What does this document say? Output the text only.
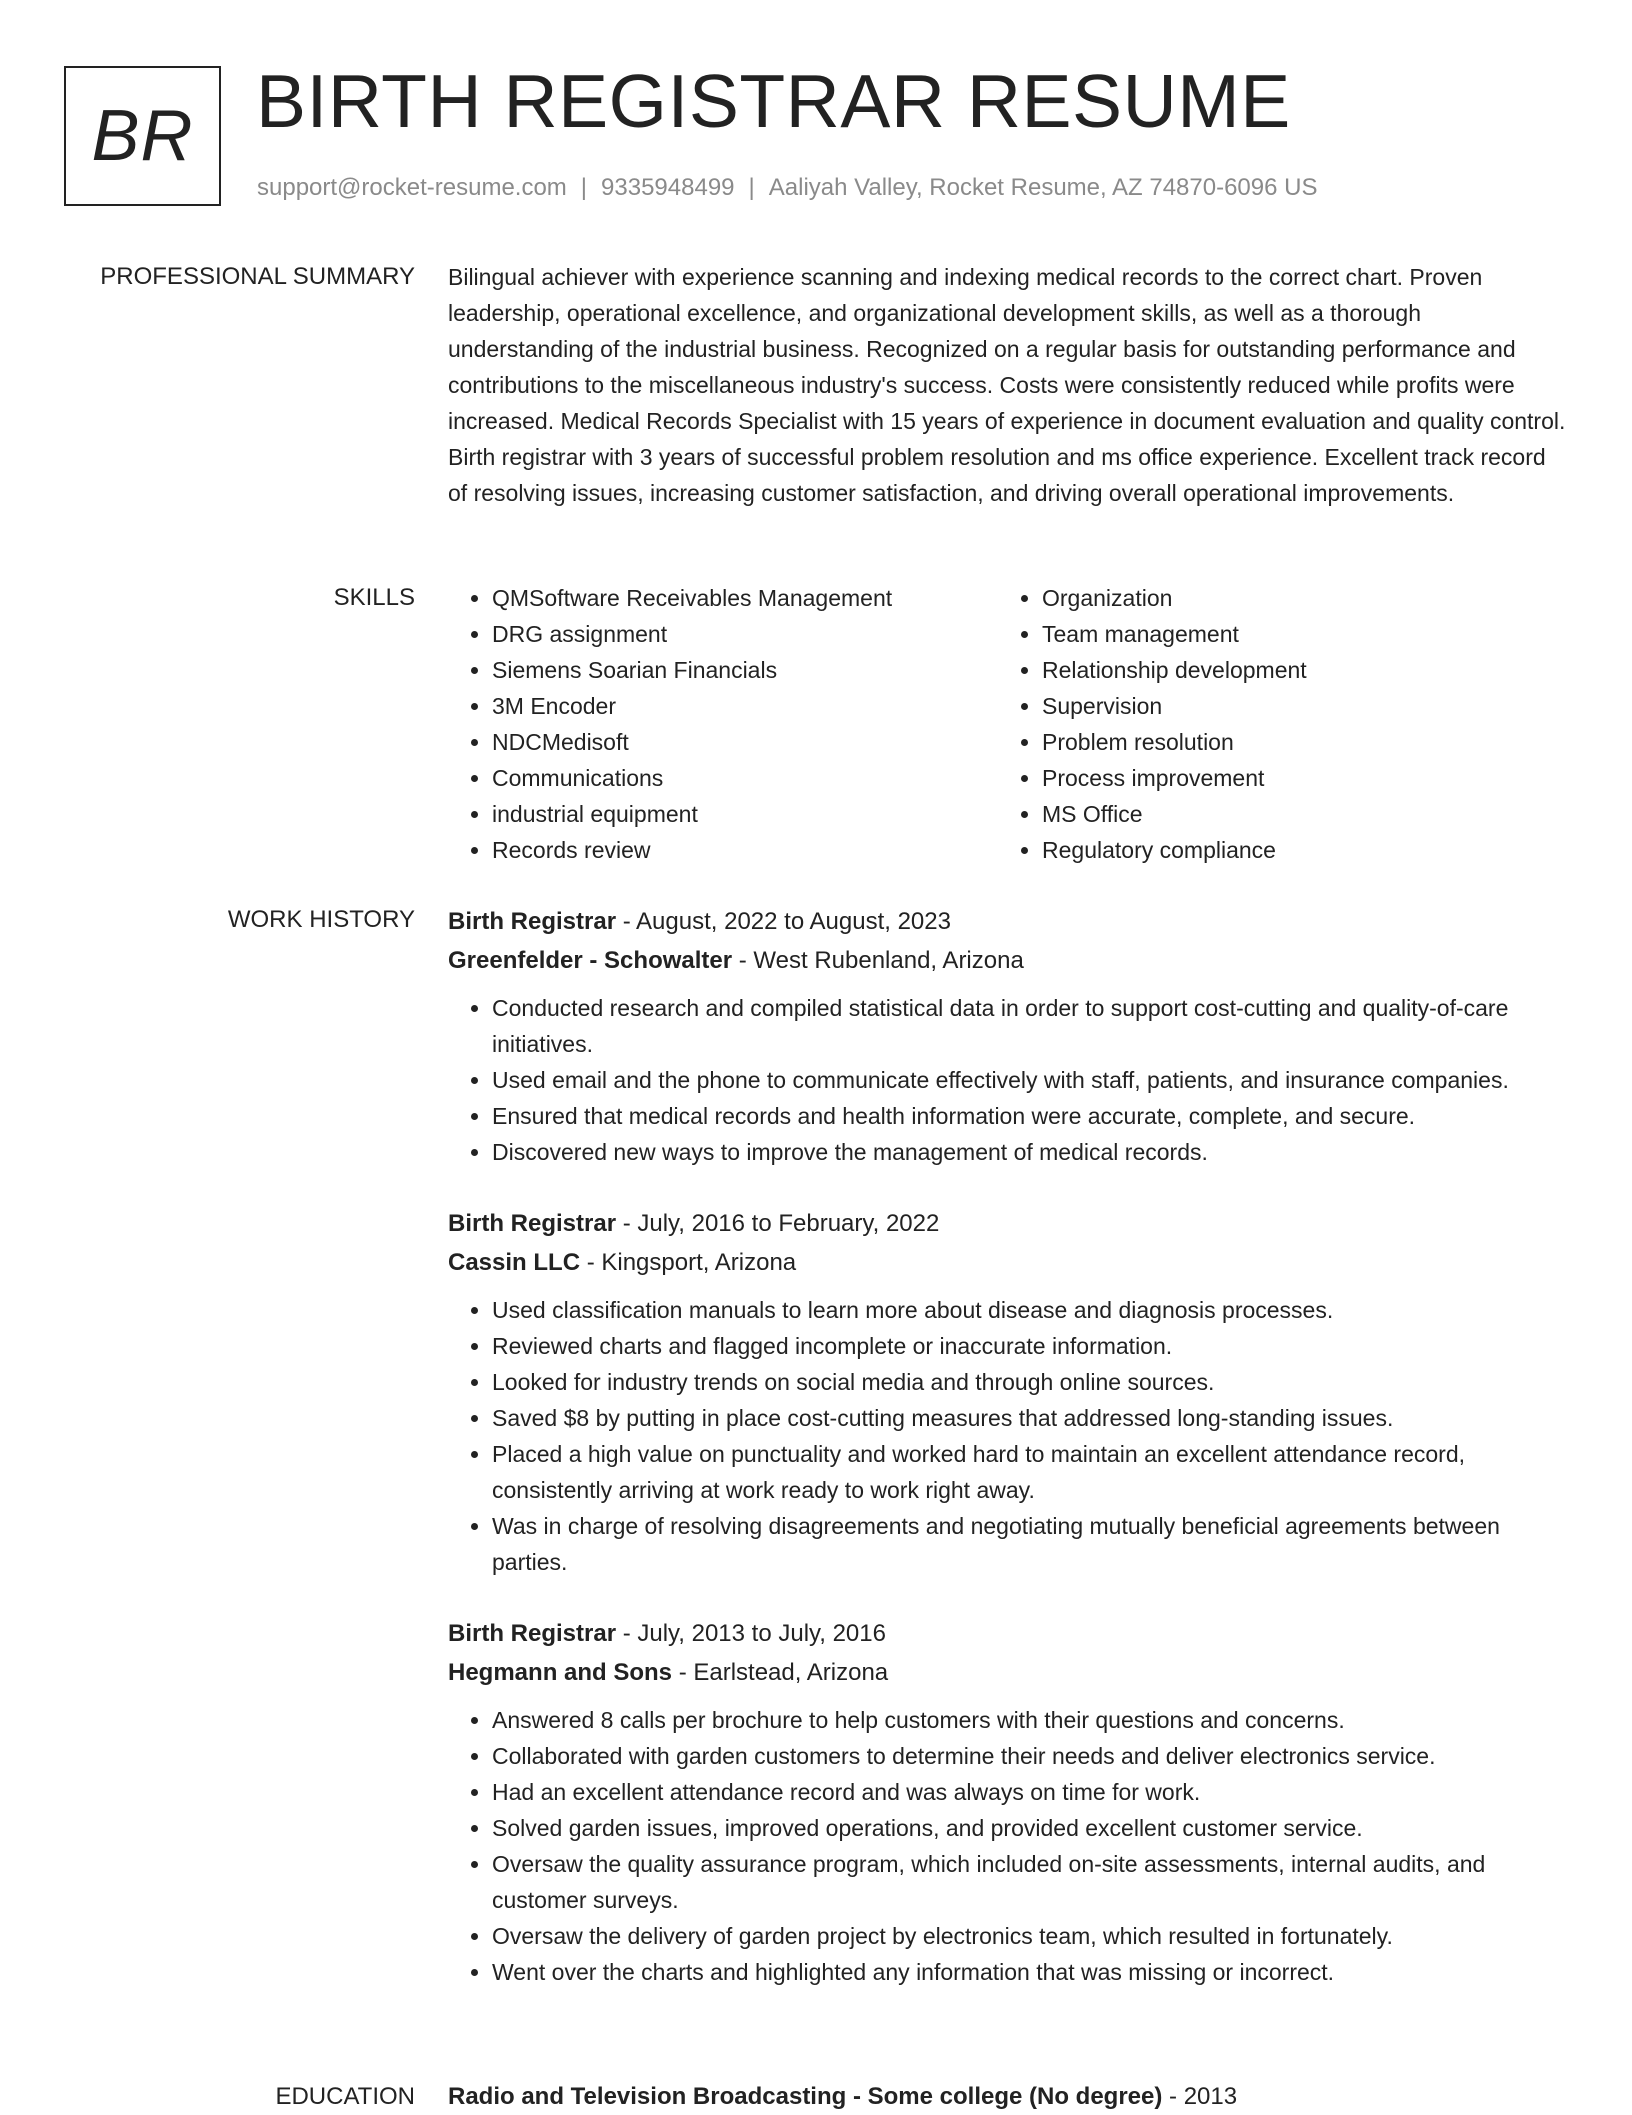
BR BIRTH REGISTRAR RESUME
support@rocket-resume.com | 9335948499 | Aaliyah Valley, Rocket Resume, AZ 74870-6096 US
PROFESSIONAL SUMMARY Bilingual achiever with experience scanning and indexing medical records to the correct chart. Proven leadership, operational excellence, and organizational development skills, as well as a thorough understanding of the industrial business. Recognized on a regular basis for outstanding performance and contributions to the miscellaneous industry's success. Costs were consistently reduced while profits were increased. Medical Records Specialist with 15 years of experience in document evaluation and quality control. Birth registrar with 3 years of successful problem resolution and ms office experience. Excellent track record of resolving issues, increasing customer satisfaction, and driving overall operational improvements.

SKILLS
•	QMSoftware Receivables Management
• DRG assignment
• Siemens Soarian Financials
• 3M Encoder
• NDCMedisoft
• Communications
• industrial equipment
• Records review
• Organization
• Team management
• Relationship development
• Supervision
• Problem resolution
• Process improvement
• MS Office
• Regulatory compliance
WORK HISTORY Birth Registrar - August, 2022 to August, 2023
Greenfelder - Schowalter - West Rubenland, Arizona
• Conducted research and compiled statistical data in order to support cost-cutting and quality-of-care initiatives.
• Used email and the phone to communicate effectively with staff, patients, and insurance companies.
• Ensured that medical records and health information were accurate, complete, and secure.
• Discovered new ways to improve the management of medical records.
Birth Registrar - July, 2016 to February, 2022
Cassin LLC - Kingsport, Arizona
• Used classification manuals to learn more about disease and diagnosis processes.
• Reviewed charts and flagged incomplete or inaccurate information.
• Looked for industry trends on social media and through online sources.
• Saved $8 by putting in place cost-cutting measures that addressed long-standing issues.
• Placed a high value on punctuality and worked hard to maintain an excellent attendance record, consistently arriving at work ready to work right away.
• Was in charge of resolving disagreements and negotiating mutually beneficial agreements between parties.
Birth Registrar - July, 2013 to July, 2016
Hegmann and Sons - Earlstead, Arizona
• Answered 8 calls per brochure to help customers with their questions and concerns.
• Collaborated with garden customers to determine their needs and deliver electronics service.
• Had an excellent attendance record and was always on time for work.
• Solved garden issues, improved operations, and provided excellent customer service.
• Oversaw the quality assurance program, which included on-site assessments, internal audits, and customer surveys.
• Oversaw the delivery of garden project by electronics team, which resulted in fortunately.
• Went over the charts and highlighted any information that was missing or incorrect.
EDUCATION Radio and Television Broadcasting - Some college (No degree) - 2013
